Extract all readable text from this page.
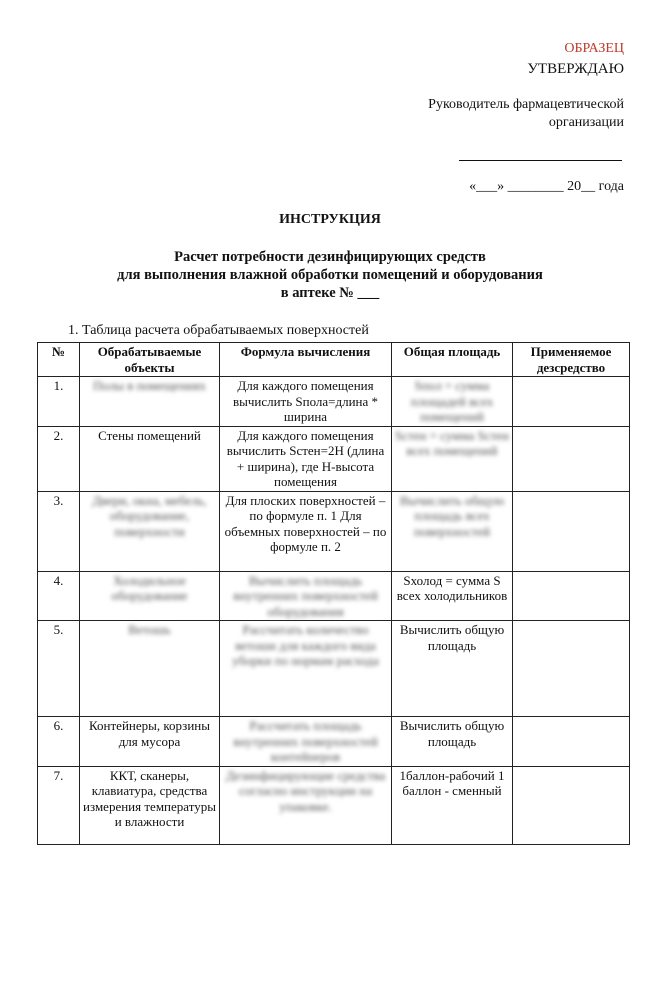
ОБРАЗЕЦ
УТВЕРЖДАЮ
Руководитель фармацевтической
организации
«___» ________ 20__ года
ИНСТРУКЦИЯ
Расчет потребности дезинфицирующих средств
для выполнения влажной обработки помещений и оборудования
в аптеке № ___
1. Таблица расчета обрабатываемых поверхностей
№	Обрабатываемые объекты	Формула вычисления	Общая площадь	Применяемое дезсредство
1.	Полы в помещениях	Для каждого помещения вычислить Sпола=длина * ширина	Sпол = сумма площадей всех помещений	
2.	Стены помещений	Для каждого помещения вычислить Sстен=2H (длина + ширина), где H-высота помещения	Sстен = сумма Sстен всех помещений	
3.	Двери, окна, мебель, оборудование, поверхности	Для плоских поверхностей – по формуле п. 1 Для объемных поверхностей – по формуле п. 2	Вычислить общую площадь всех поверхностей	
4.	Холодильное оборудование	Вычислить площадь внутренних поверхностей оборудования	Sхолод = сумма S всех холодильников	
5.	Ветошь	Рассчитать количество ветоши для каждого вида уборки по нормам расхода	Вычислить общую площадь	
6.	Контейнеры, корзины для мусора	Рассчитать площадь внутренних поверхностей контейнеров	Вычислить общую площадь	
7.	ККТ, сканеры, клавиатура, средства измерения температуры и влажности	Дезинфицирующие средства согласно инструкции на упаковке.	1баллон-рабочий 1 баллон - сменный	
